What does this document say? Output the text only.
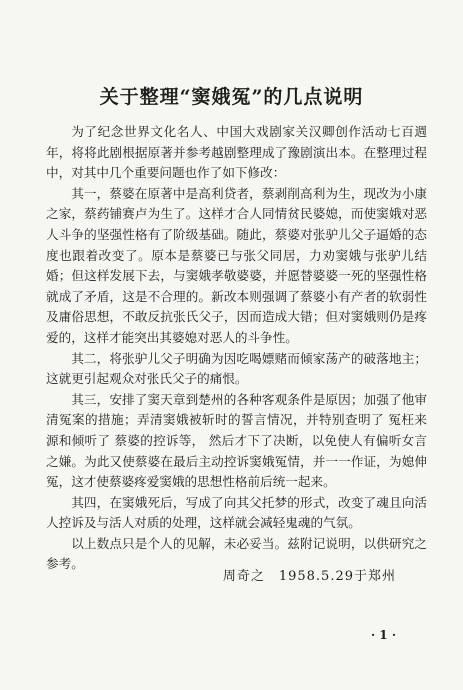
关于整理“窦娥冤”的几点说明

为了纪念世界文化名人、中国大戏剧家关汉卿创作活动七百週年，将将此剧根据原著并参考越剧整理成了豫剧演出本。在整理过程中，对其中几个重要问题也作了如下修改：

其一，蔡婆在原著中是高利贷者，蔡剥削高利为生，现改为小康之家，蔡药铺赛卢为生了。这样才合人同情贫民婆媳，而使窦娥对恶人斗争的坚强性格有了阶级基础。随此，蔡婆对张驴儿父子逼婚的态度也跟着改变了。原本是蔡婆已与张父同居，力劝窦娥与张驴儿结婚；但这样发展下去，与窦娥孝敬婆婆，并愿替婆婆一死的坚强性格就成了矛盾，这是不合理的。新改本则强调了蔡婆小有产者的软弱性及庸俗思想，不敢反抗张氏父子，因而造成大错；但对窦娥则仍是疼爱的，这样才能突出其婆媳对恶人的斗争性。

其二，将张驴儿父子明确为因吃喝嫖赌而倾家荡产的破落地主；这就更引起观众对张氏父子的痛恨。

其三，安排了窦天章到楚州的各种客观条件是原因；加强了他审清冤案的措施；弄清窦娥被斩时的誓言情况，并特别查明了 冤枉来源和倾听了 蔡婆的控诉等， 然后才下了决断，以免使人有偏听女言之嫌。为此又使蔡婆在最后主动控诉窦娥冤情，并一一作证，为媳伸冤，这才使蔡婆疼爱窦娥的思想性格前后统一起来。

其四，在窦娥死后，写成了向其父托梦的形式，改变了魂且向活人控诉及与活人对质的处理，这样就会减轻鬼魂的气氛。

以上数点只是个人的见解，未必妥当。兹附记说明，以供研究之参考。

周奇之　1958.5.29于郑州
· 1 ·
